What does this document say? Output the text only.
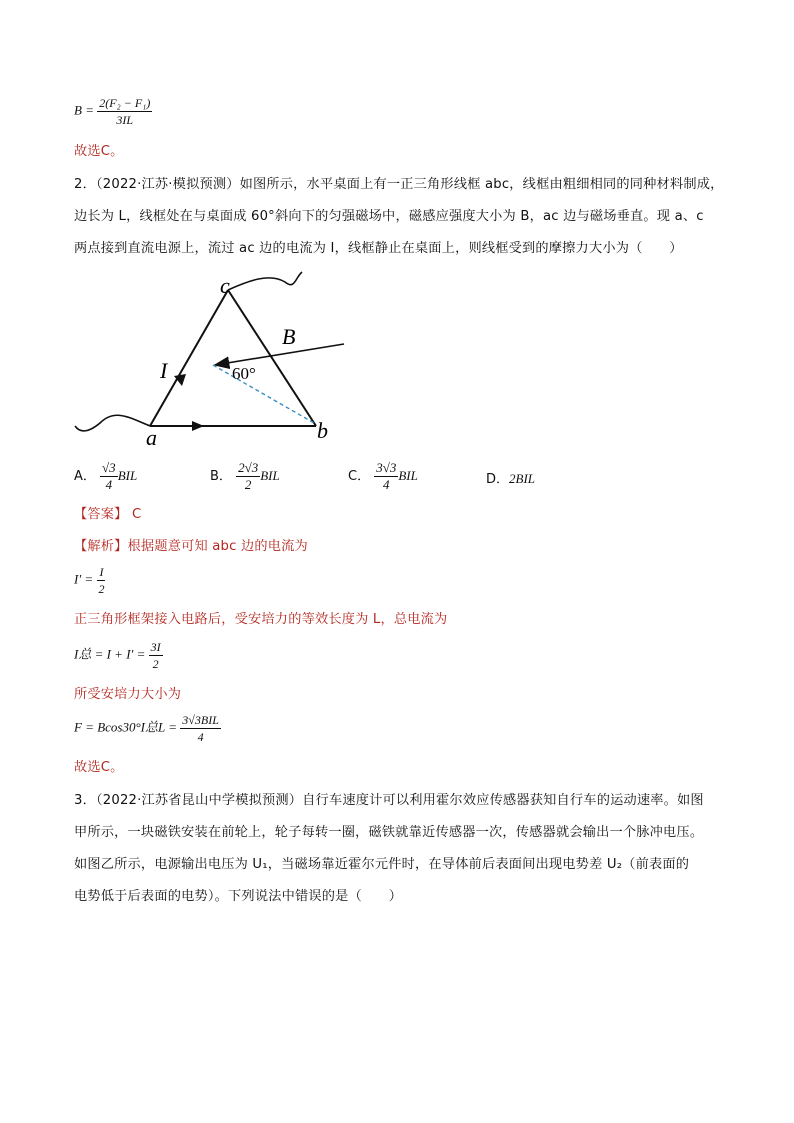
$B = \frac{\text{2(F₂ − F₁)}}{3IL}$
故选C。
2．（2022·江苏·模拟预测）如图所示，水平桌面上有一正三角形线框 abc，线框由粗细相同的同种材料制成，
边长为 L，线框处在与桌面成 60°斜向下的匀强磁场中，磁感应强度大小为 B，ac 边与磁场垂直。现 a、c
两点接到直流电源上，流过 ac 边的电流为 I，线框静止在桌面上，则线框受到的摩擦力大小为（　　）
c
a	b
I
B
60°
A． $\frac{√3}{4}$ BIL	B． $\frac{2√3}{2}$ BIL	C． $\frac{3√3}{4}$ BIL	D．2BIL
【答案】 C
【解析】根据题意可知 abc 边的电流为
$I' = \frac{I}{2}$
正三角形框架接入电路后，受安培力的等效长度为 L，总电流为
I总 = $I + I' = \frac{3I}{2}$
所受安培力大小为
F = Bcos30°I总$L = \frac{\text{3√3BIL}}{4}$
故选C。
3．（2022·江苏省昆山中学模拟预测）自行车速度计可以利用霍尔效应传感器获知自行车的运动速率。如图
甲所示，一块磁铁安装在前轮上，轮子每转一圈，磁铁就靠近传感器一次，传感器就会输出一个脉冲电压。
如图乙所示，电源输出电压为 U₁，当磁场靠近霍尔元件时，在导体前后表面间出现电势差 U₂（前表面的
电势低于后表面的电势）。下列说法中错误的是（　　）
